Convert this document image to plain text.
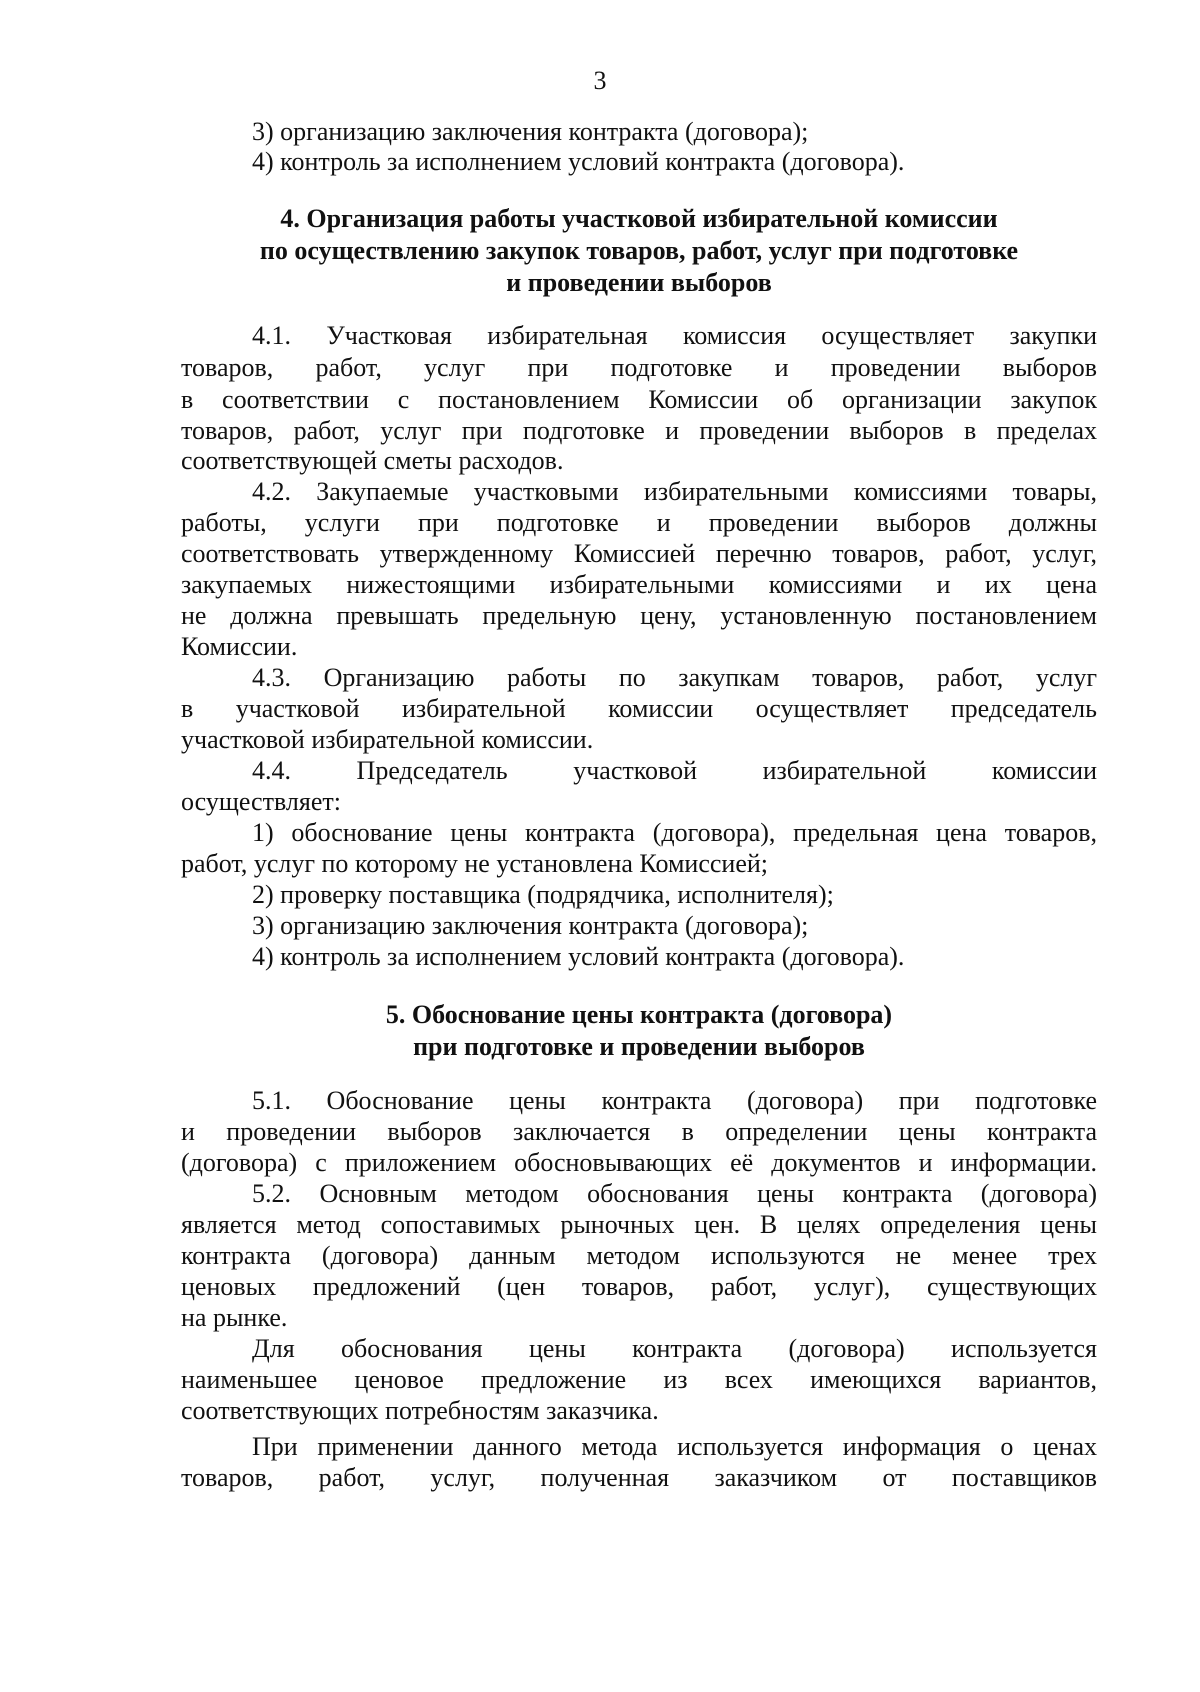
3
3) организацию заключения контракта (договора);
4) контроль за исполнением условий контракта (договора).
4. Организация работы участковой избирательной комиссии
по осуществлению закупок товаров, работ, услуг при подготовке
и проведении выборов
4.1. Участковая избирательная комиссия осуществляет закупки
товаров, работ, услуг при подготовке и проведении выборов
в соответствии с постановлением Комиссии об организации закупок
товаров, работ, услуг при подготовке и проведении выборов в пределах
соответствующей сметы расходов.
4.2. Закупаемые участковыми избирательными комиссиями товары,
работы, услуги при подготовке и проведении выборов должны
соответствовать утвержденному Комиссией перечню товаров, работ, услуг,
закупаемых нижестоящими избирательными комиссиями и их цена
не должна превышать предельную цену, установленную постановлением
Комиссии.
4.3. Организацию работы по закупкам товаров, работ, услуг
в участковой избирательной комиссии осуществляет председатель
участковой избирательной комиссии.
4.4. Председатель участковой избирательной комиссии
осуществляет:
1) обоснование цены контракта (договора), предельная цена товаров,
работ, услуг по которому не установлена Комиссией;
2) проверку поставщика (подрядчика, исполнителя);
3) организацию заключения контракта (договора);
4) контроль за исполнением условий контракта (договора).
5. Обоснование цены контракта (договора)
при подготовке и проведении выборов
5.1. Обоснование цены контракта (договора) при подготовке
и проведении выборов заключается в определении цены контракта
(договора) с приложением обосновывающих её документов и информации.
5.2. Основным методом обоснования цены контракта (договора)
является метод сопоставимых рыночных цен. В целях определения цены
контракта (договора) данным методом используются не менее трех
ценовых предложений (цен товаров, работ, услуг), существующих
на рынке.
Для обоснования цены контракта (договора) используется
наименьшее ценовое предложение из всех имеющихся вариантов,
соответствующих потребностям заказчика.
При применении данного метода используется информация о ценах
товаров, работ, услуг, полученная заказчиком от поставщиков
